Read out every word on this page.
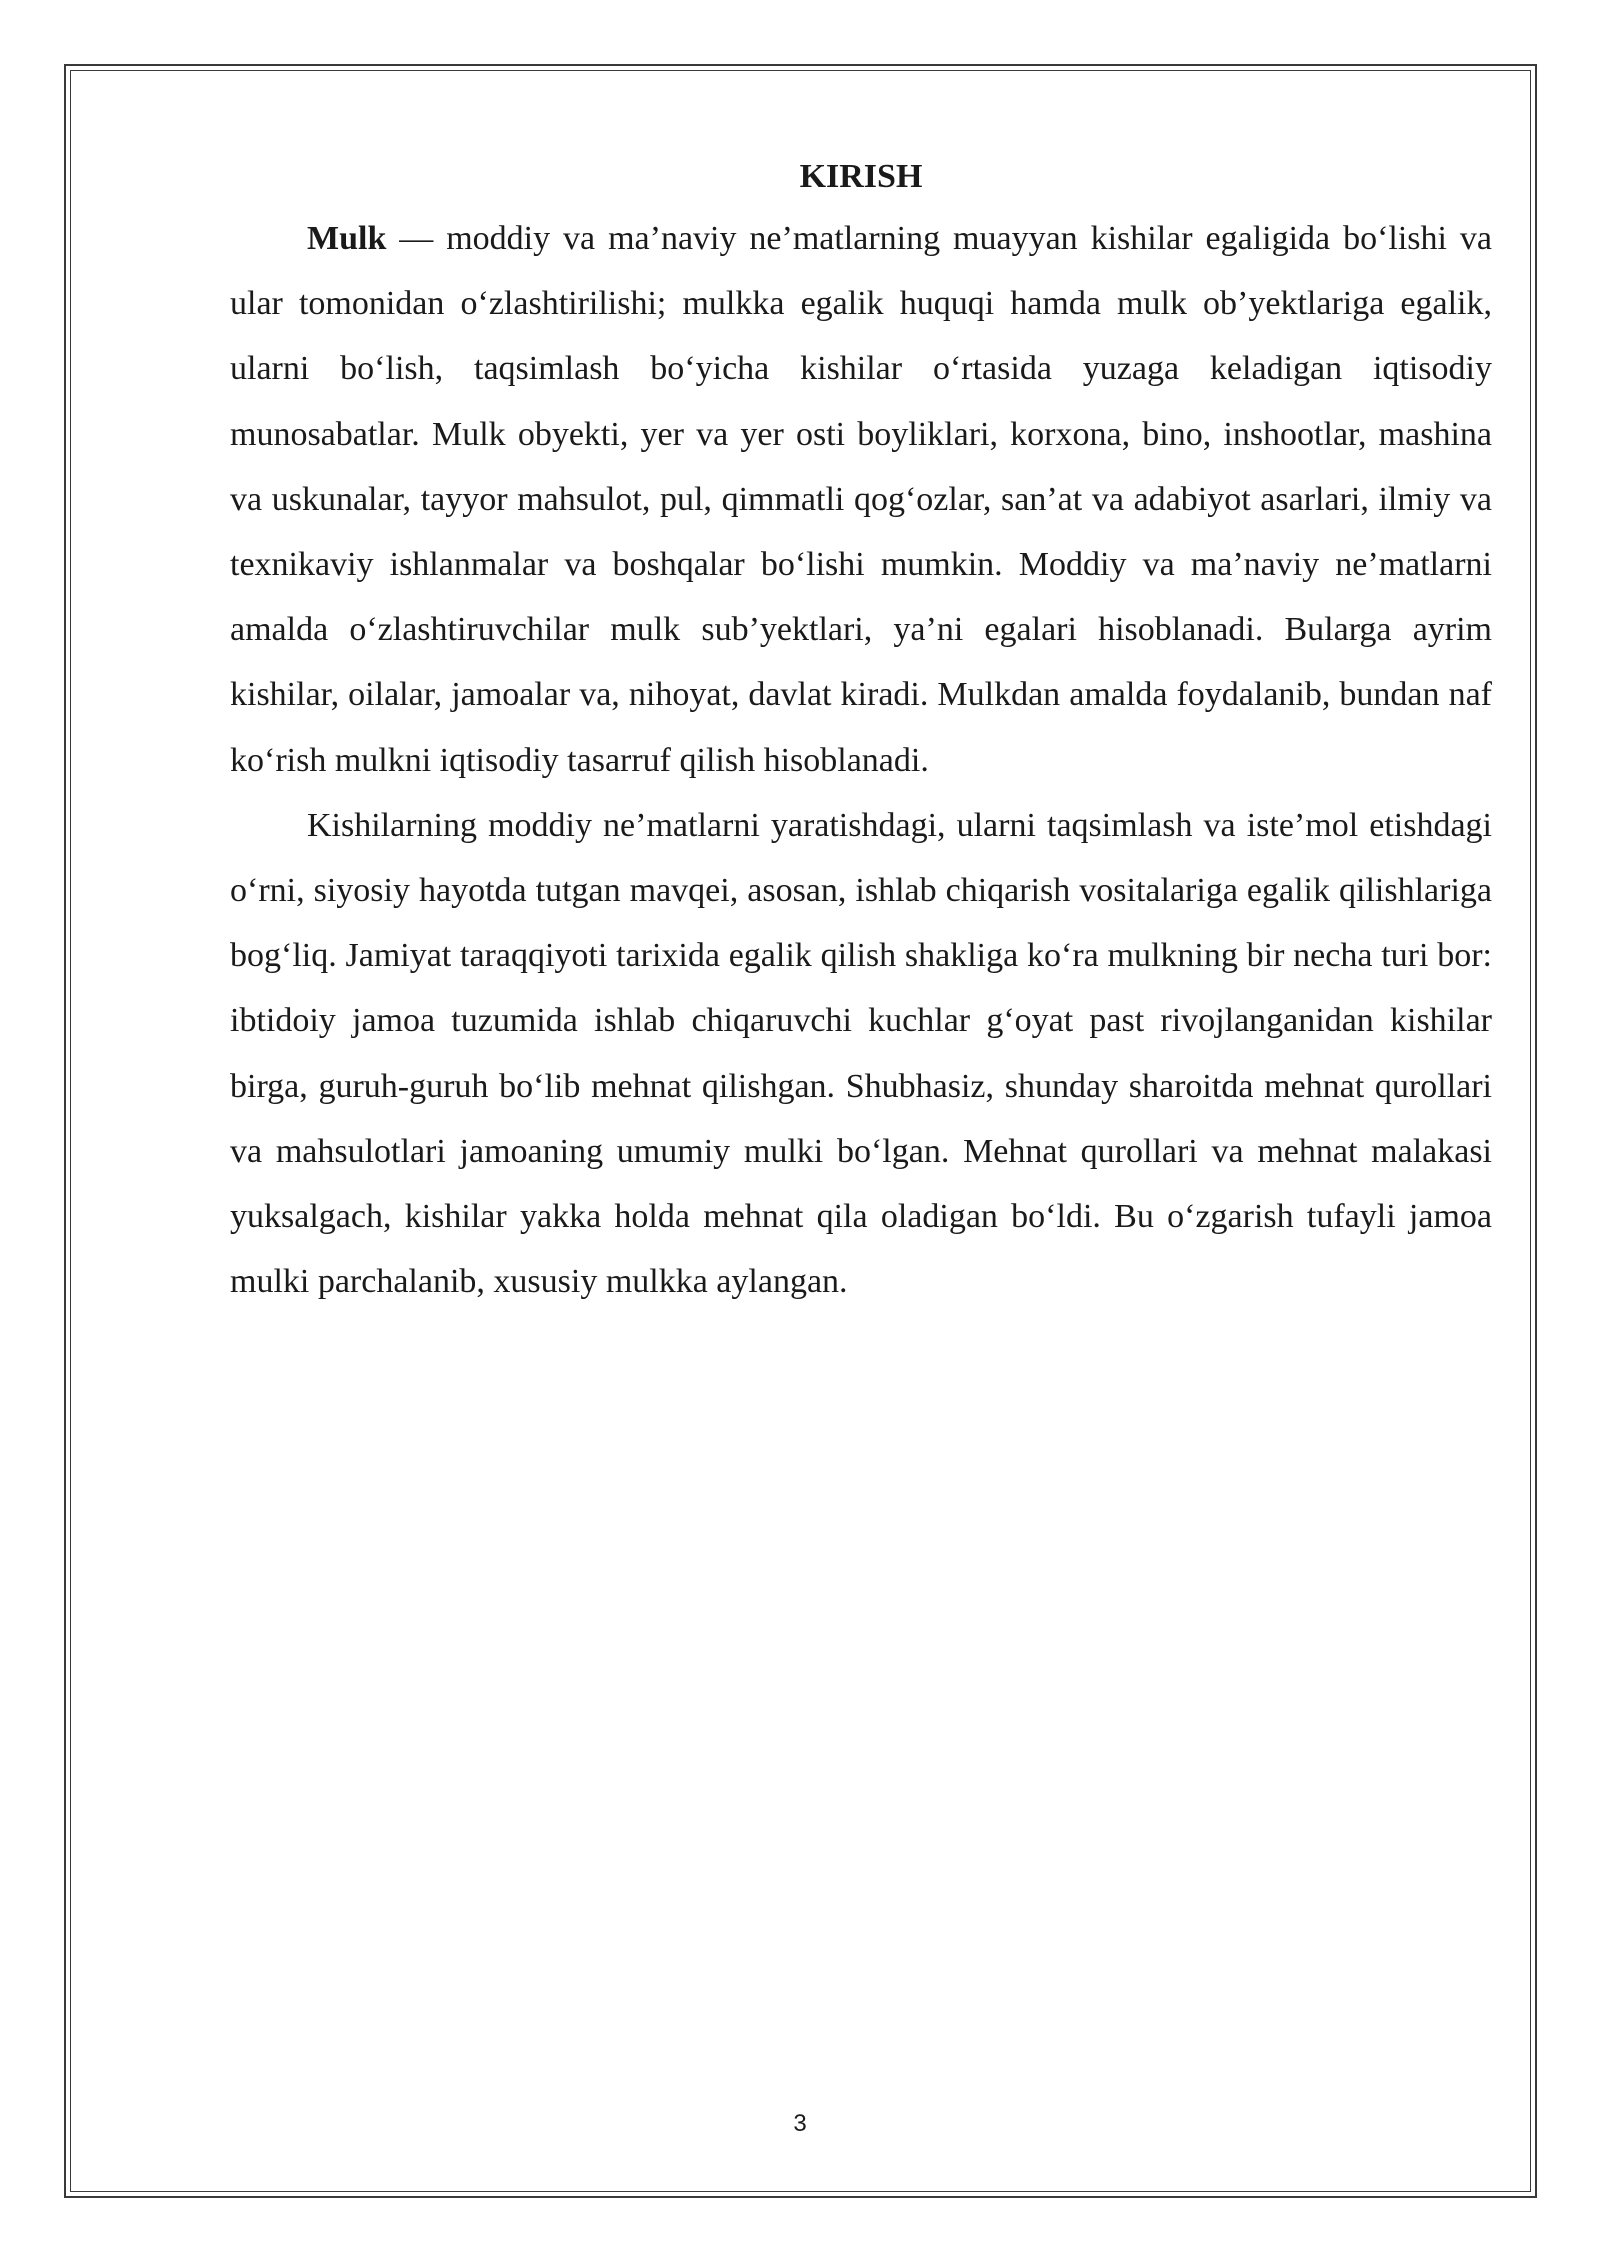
KIRISH

Mulk — moddiy va ma’naviy ne’matlarning muayyan kishilar egaligida bo‘lishi va ular tomonidan o‘zlashtirilishi; mulkka egalik huquqi hamda mulk ob’yektlariga egalik, ularni bo‘lish, taqsimlash bo‘yicha kishilar o‘rtasida yuzaga keladigan iqtisodiy munosabatlar. Mulk obyekti, yer va yer osti boyliklari, korxona, bino, inshootlar, mashina va uskunalar, tayyor mahsulot, pul, qimmatli qog‘ozlar, san’at va adabiyot asarlari, ilmiy va texnikaviy ishlanmalar va boshqalar bo‘lishi mumkin. Moddiy va ma’naviy ne’matlarni amalda o‘zlashtiruvchilar mulk sub’yektlari, ya’ni egalari hisoblanadi. Bularga ayrim kishilar, oilalar, jamoalar va, nihoyat, davlat kiradi. Mulkdan amalda foydalanib, bundan naf ko‘rish mulkni iqtisodiy tasarruf qilish hisoblanadi.

Kishilarning moddiy ne’matlarni yaratishdagi, ularni taqsimlash va iste’mol etishdagi o‘rni, siyosiy hayotda tutgan mavqei, asosan, ishlab chiqarish vositalariga egalik qilishlariga bog‘liq. Jamiyat taraqqiyoti tarixida egalik qilish shakliga ko‘ra mulkning bir necha turi bor: ibtidoiy jamoa tuzumida ishlab chiqaruvchi kuchlar g‘oyat past rivojlanganidan kishilar birga, guruh-guruh bo‘lib mehnat qilishgan. Shubhasiz, shunday sharoitda mehnat qurollari va mahsulotlari jamoaning umumiy mulki bo‘lgan. Mehnat qurollari va mehnat malakasi yuksalgach, kishilar yakka holda mehnat qila oladigan bo‘ldi. Bu o‘zgarish tufayli jamoa mulki parchalanib, xususiy mulkka aylangan.

3
